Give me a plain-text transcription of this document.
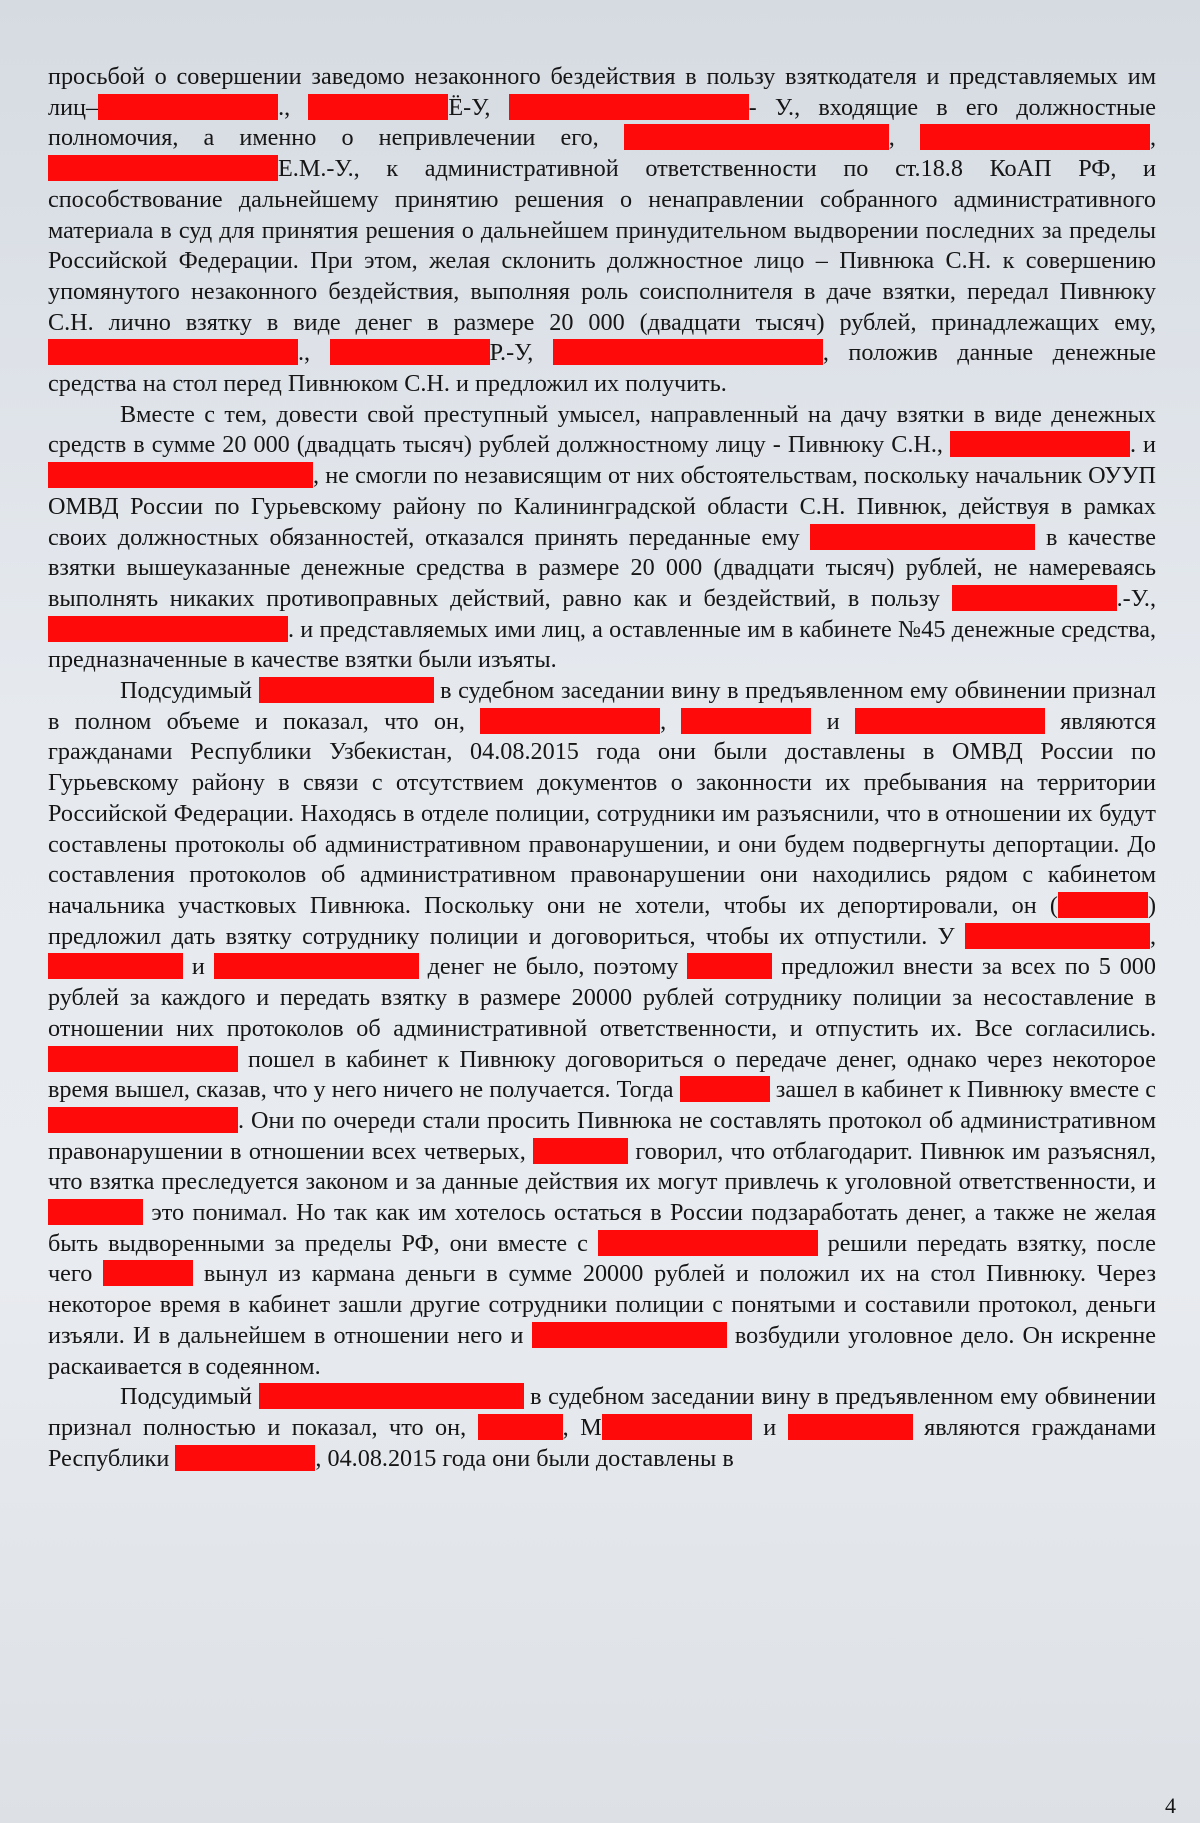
просьбой о совершении заведомо незаконного бездействия в пользу взяткодателя и представляемых им лиц–	.,	Ё-У,	- У., входящие в его должностные полномочия, а именно о непривлечении его,	,	, Е.М.-У., к административной ответственности по ст.18.8 КоАП РФ, и способствование дальнейшему принятию решения о ненаправлении собранного административного материала в суд для принятия решения о дальнейшем принудительном выдворении последних за пределы Российской Федерации. При этом, желая склонить должностное лицо – Пивнюка С.Н. к совершению упомянутого незаконного бездействия, выполняя роль соисполнителя в даче взятки, передал Пивнюку С.Н. лично взятку в виде денег в размере 20 000 (двадцати тысяч) рублей, принадлежащих ему, .,	Р.-У,	, положив данные денежные средства на стол перед Пивнюком С.Н. и предложил их получить.

Вместе с тем, довести свой преступный умысел, направленный на дачу взятки в виде денежных средств в сумме 20 000 (двадцать тысяч) рублей должностному лицу - Пивнюку С.Н.,	. и , не смогли по независящим от них обстоятельствам, поскольку начальник ОУУП ОМВД России по Гурьевскому району по Калининградской области С.Н. Пивнюк, действуя в рамках своих должностных обязанностей, отказался принять переданные ему	в качестве взятки вышеуказанные денежные средства в размере 20 000 (двадцати тысяч) рублей, не намереваясь выполнять никаких противоправных действий, равно как и бездействий, в пользу	.-У., . и представляемых ими лиц, а оставленные им в кабинете №45 денежные средства, предназначенные в качестве взятки были изъяты.

Подсудимый	в судебном заседании вину в предъявленном ему обвинении признал в полном объеме и показал, что он,	,	и	являются гражданами Республики Узбекистан, 04.08.2015 года они были доставлены в ОМВД России по Гурьевскому району в связи с отсутствием документов о законности их пребывания на территории Российской Федерации. Находясь в отделе полиции, сотрудники им разъяснили, что в отношении их будут составлены протоколы об административном правонарушении, и они будем подвергнуты депортации. До составления протоколов об административном правонарушении они находились рядом с кабинетом начальника участковых Пивнюка. Поскольку они не хотели, чтобы их депортировали, он (	) предложил дать взятку сотруднику полиции и договориться, чтобы их отпустили. У	,  и	денег не было, поэтому	предложил внести за всех по 5 000 рублей за каждого и передать взятку в размере 20000 рублей сотруднику полиции за несоставление в отношении них протоколов об административной ответственности, и отпустить их. Все согласились.  пошел в кабинет к Пивнюку договориться о передаче денег, однако через некоторое время вышел, сказав, что у него ничего не получается. Тогда	зашел в кабинет к Пивнюку вместе с . Они по очереди стали просить Пивнюка не составлять протокол об административном правонарушении в отношении всех четверых,	говорил, что отблагодарит. Пивнюк им разъяснял, что взятка преследуется законом и за данные действия их могут привлечь к уголовной ответственности, и  это понимал. Но так как им хотелось остаться в России подзаработать денег, а также не желая быть выдворенными за пределы РФ, они вместе с	решили передать взятку, после чего	вынул из кармана деньги в сумме 20000 рублей и положил их на стол Пивнюку. Через некоторое время в кабинет зашли другие сотрудники полиции с понятыми и составили протокол, деньги изъяли. И в дальнейшем в отношении него и	возбудили уголовное дело. Он искренне раскаивается в содеянном.

Подсудимый	в судебном заседании вину в предъявленном ему обвинении признал полностью и показал, что он,	, М	и	являются гражданами Республики	, 04.08.2015 года они были доставлены в

4
